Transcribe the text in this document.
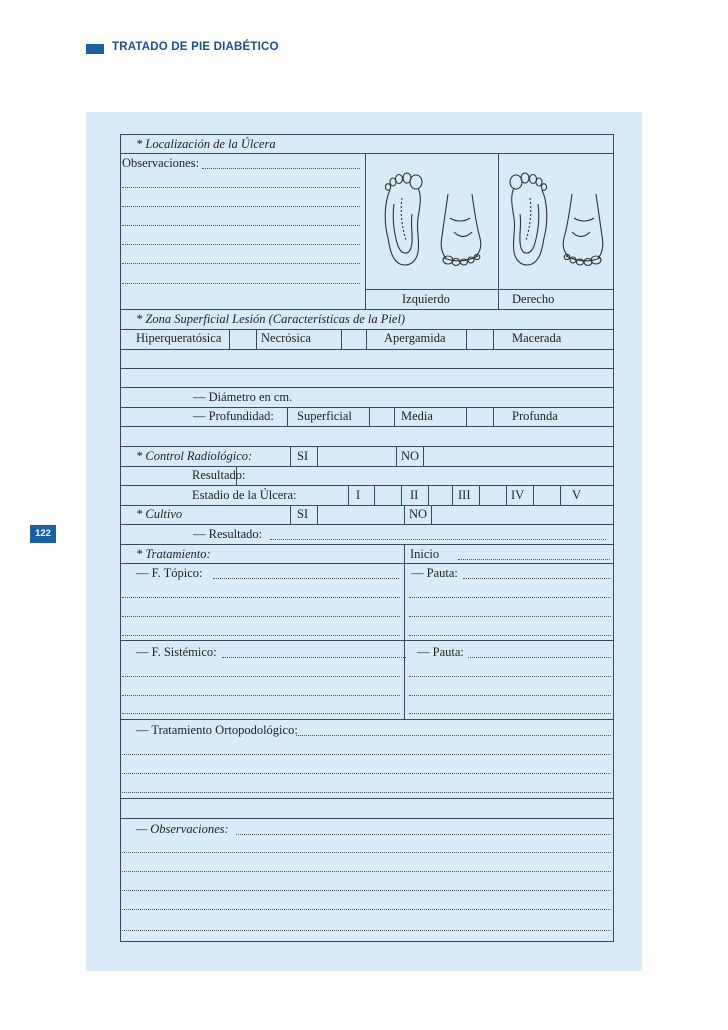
TRATADO DE PIE DIABÉTICO
122
* Localización de la Úlcera
Observaciones:
Izquierdo	Derecho
* Zona Superficial Lesión (Características de la Piel)
Hiperqueratósica	Necrósica	Apergamida	Macerada
— Diámetro en cm.
— Profundidad: Superficial	Media	Profunda
* Control Radiológico:	SI	NO
Resultado:
Estadio de la Úlcera:	I	II	III	IV	V
* Cultivo	SI	NO
— Resultado:
* Tratamiento:	Inicio
— F. Tópico:	— Pauta:
— F. Sistémico:	— Pauta:
— Tratamiento Ortopodológico:
— Observaciones:
